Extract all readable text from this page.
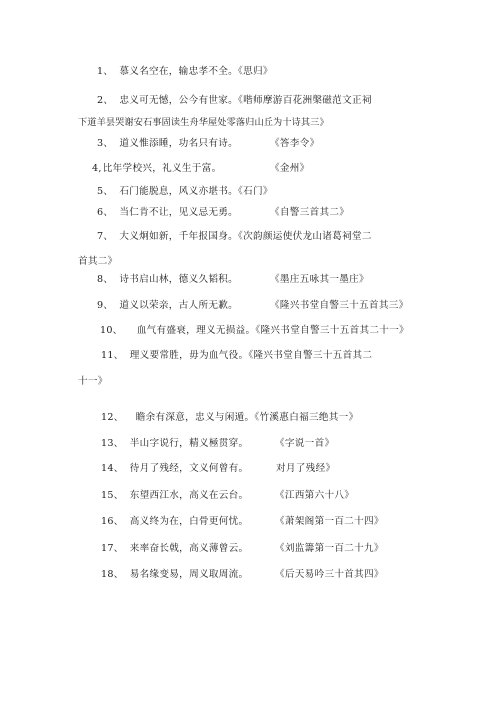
1、 慕义名空在，输忠孝不全。《思归》
2、 忠义可无憾，公今有世家。《喈师摩游百花洲槃磁范文正祠
下道羊昙哭谢安石事固读生舟华屋处零落归山丘为十诗其三》
3、 道义惟添睡，功名只有诗。	《答李令》
4,比年学校兴，礼义生于富。	《金州》
5、 石门能脱息，风义亦堪书。《石门》
6、 当仁肯不让，见义忌无勇。	《自警三首其二》
7、 大义炯如新，千年报国身。《次韵颜运使伏龙山诸葛祠堂二
首其二》
8、 诗书启山林，德义久韬积。	《墨庄五咏其一墨庄》
9、 道义以荣亲，古人所无歉。	《隆兴书堂自警三十五首其三》
10、 血气有盛衰，理义无损益。《隆兴书堂自警三十五首其二十一》
11、 理义要常胜，毋为血气役。《隆兴书堂自警三十五首其二
十一》
12、 瞻余有深意，忠义与闲遁。《竹溪惠白福三绝其一》
13、 半山字说行，精义極贯穿。	《字说一首》
14、 待月了残经，文义何曾有。	对月了残经》
15、 东望西江水，高义在云台。	《江西第六十八》
16、 高义终为在，白骨更何忧。	《萧架阁第一百二十四》
17、 来率奋长戟，高义薄曾云。	《刘监籌第一百二十九》
18、 易名缘变易，周义取周流。	《后天易吟三十首其四》
